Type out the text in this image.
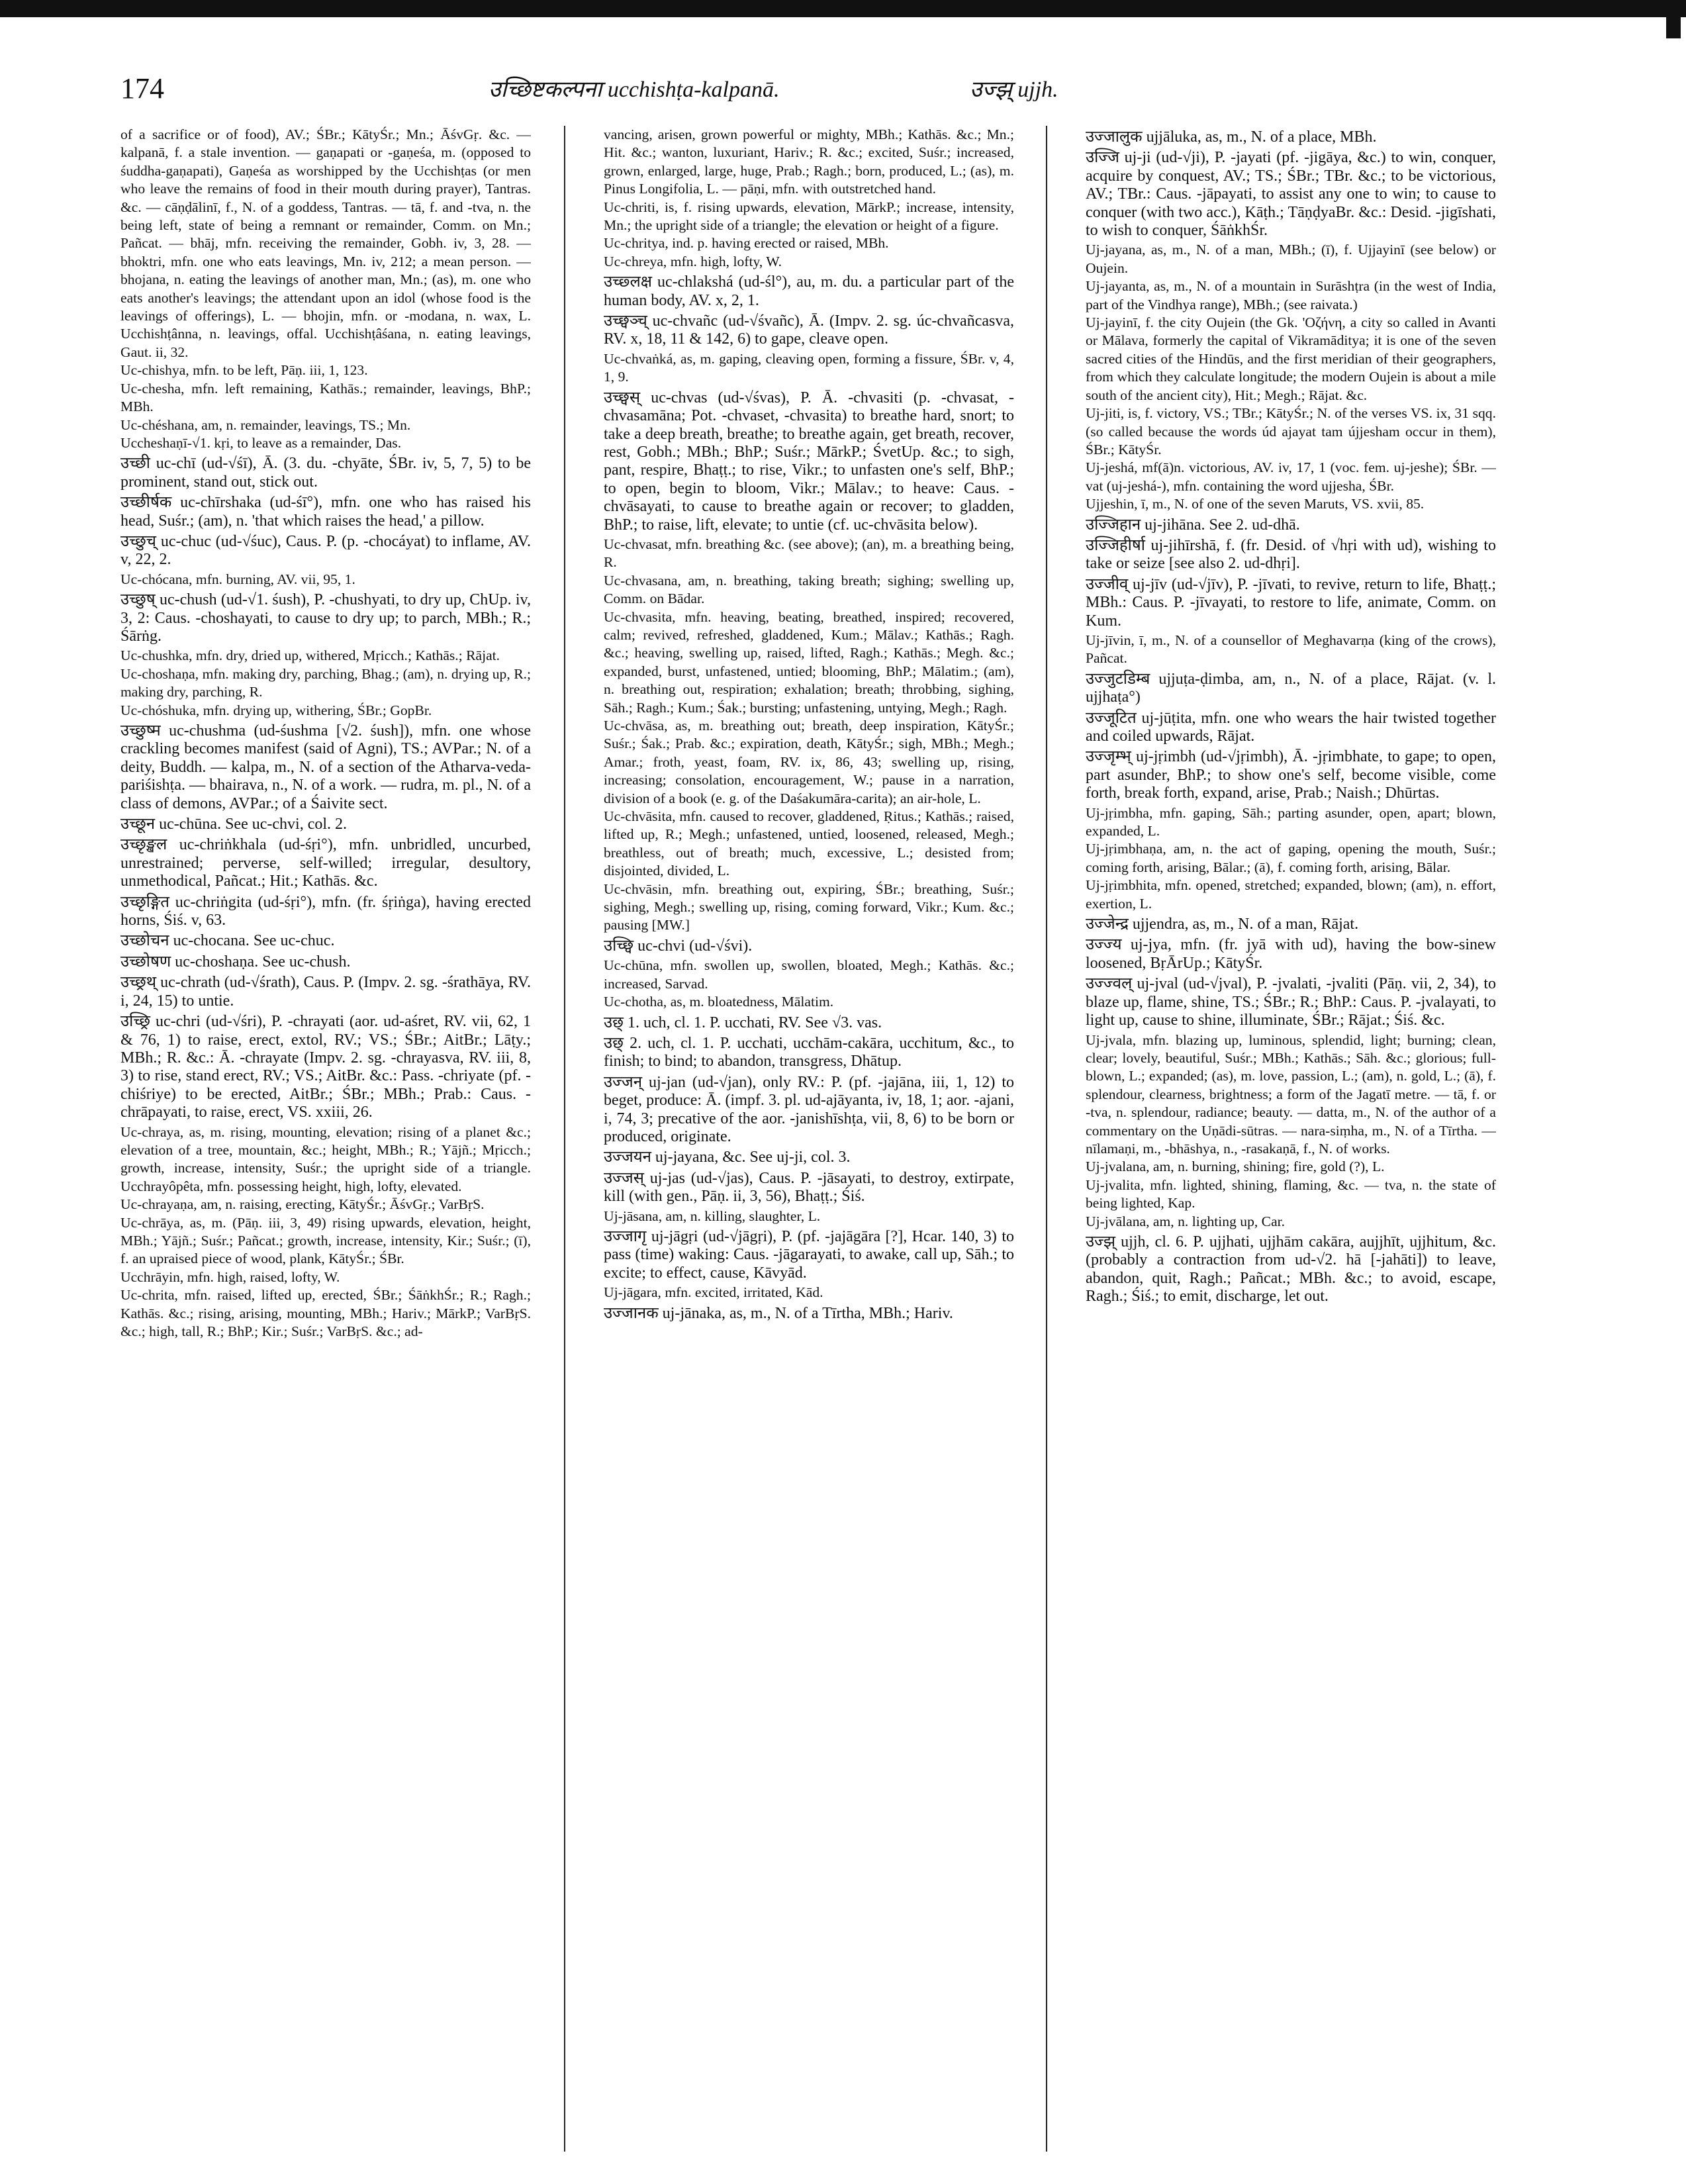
174	उच्छिष्टकल्पना ucchishṭa-kalpanā.	उज्झ् ujjh.

of a sacrifice or of food), AV.; ŚBr.; KātyŚr.; Mn.; ĀśvGṛ. &c. — kalpanā, f. a stale invention. — gaṇapati or -gaṇeśa, m. (opposed to śuddha-gaṇapati), Gaṇeśa as worshipped by the Ucchishṭas (or men who leave the remains of food in their mouth during prayer), Tantras. &c. — cāṇḍālinī, f., N. of a goddess, Tantras. — tā, f. and -tva, n. the being left, state of being a remnant or remainder, Comm. on Mn.; Pañcat. — bhāj, mfn. receiving the remainder, Gobh. iv, 3, 28. — bhoktri, mfn. one who eats leavings, Mn. iv, 212; a mean person. — bhojana, n. eating the leavings of another man, Mn.; (as), m. one who eats another's leavings; the attendant upon an idol (whose food is the leavings of offerings), L. — bhojin, mfn. or -modana, n. wax, L. Ucchishṭânna, n. leavings, offal. Ucchishṭâśana, n. eating leavings, Gaut. ii, 32.

Uc-chishya, mfn. to be left, Pāṇ. iii, 1, 123.

Uc-chesha, mfn. left remaining, Kathās.; remainder, leavings, BhP.; MBh.

Uc-chéshana, am, n. remainder, leavings, TS.; Mn.

Uccheshaṇī-√1. kṛi, to leave as a remainder, Das.

उच्छी uc-chī (ud-√śī), Ā. (3. du. -chyāte, ŚBr. iv, 5, 7, 5) to be prominent, stand out, stick out.

उच्छीर्षक uc-chīrshaka (ud-śī°), mfn. one who has raised his head, Suśr.; (am), n. 'that which raises the head,' a pillow.

उच्छुच् uc-chuc (ud-√śuc), Caus. P. (p. -chocáyat) to inflame, AV. v, 22, 2.

Uc-chócana, mfn. burning, AV. vii, 95, 1.

उच्छुष् uc-chush (ud-√1. śush), P. -chushyati, to dry up, ChUp. iv, 3, 2: Caus. -choshayati, to cause to dry up; to parch, MBh.; R.; Śārṅg.

Uc-chushka, mfn. dry, dried up, withered, Mṛicch.; Kathās.; Rājat.

Uc-choshaṇa, mfn. making dry, parching, Bhag.; (am), n. drying up, R.; making dry, parching, R.

Uc-chóshuka, mfn. drying up, withering, ŚBr.; GopBr.

उच्छुष्म uc-chushma (ud-śushma [√2. śush]), mfn. one whose crackling becomes manifest (said of Agni), TS.; AVPar.; N. of a deity, Buddh. — kalpa, m., N. of a section of the Atharva-veda-pariśishṭa. — bhairava, n., N. of a work. — rudra, m. pl., N. of a class of demons, AVPar.; of a Śaivite sect.

उच्छून uc-chūna. See uc-chvi, col. 2.

उच्छृङ्खल uc-chriṅkhala (ud-śṛi°), mfn. unbridled, uncurbed, unrestrained; perverse, self-willed; irregular, desultory, unmethodical, Pañcat.; Hit.; Kathās. &c.

उच्छृङ्गित uc-chriṅgita (ud-śṛi°), mfn. (fr. śṛiṅga), having erected horns, Śiś. v, 63.

उच्छोचन uc-chocana. See uc-chuc.

उच्छोषण uc-choshaṇa. See uc-chush.

उच्छ्रथ् uc-chrath (ud-√śrath), Caus. P. (Impv. 2. sg. -śrathāya, RV. i, 24, 15) to untie.

उच्छ्रि uc-chri (ud-√śri), P. -chrayati (aor. ud-aśret, RV. vii, 62, 1 & 76, 1) to raise, erect, extol, RV.; VS.; ŚBr.; AitBr.; Lāṭy.; MBh.; R. &c.: Ā. -chrayate (Impv. 2. sg. -chrayasva, RV. iii, 8, 3) to rise, stand erect, RV.; VS.; AitBr. &c.: Pass. -chriyate (pf. -chiśriye) to be erected, AitBr.; ŚBr.; MBh.; Prab.: Caus. -chrāpayati, to raise, erect, VS. xxiii, 26.

Uc-chraya, as, m. rising, mounting, elevation; rising of a planet &c.; elevation of a tree, mountain, &c.; height, MBh.; R.; Yājñ.; Mṛicch.; growth, increase, intensity, Suśr.; the upright side of a triangle. Ucchrayôpêta, mfn. possessing height, high, lofty, elevated.

Uc-chrayaṇa, am, n. raising, erecting, KātyŚr.; ĀśvGṛ.; VarBṛS.

Uc-chrāya, as, m. (Pāṇ. iii, 3, 49) rising upwards, elevation, height, MBh.; Yājñ.; Suśr.; Pañcat.; growth, increase, intensity, Kir.; Suśr.; (ī), f. an upraised piece of wood, plank, KātyŚr.; ŚBr.

Ucchrāyin, mfn. high, raised, lofty, W.

Uc-chrita, mfn. raised, lifted up, erected, ŚBr.; ŚāṅkhŚr.; R.; Ragh.; Kathās. &c.; rising, arising, mounting, MBh.; Hariv.; MārkP.; VarBṛS. &c.; high, tall, R.; BhP.; Kir.; Suśr.; VarBṛS. &c.; ad-

vancing, arisen, grown powerful or mighty, MBh.; Kathās. &c.; Mn.; Hit. &c.; wanton, luxuriant, Hariv.; R. &c.; excited, Suśr.; increased, grown, enlarged, large, huge, Prab.; Ragh.; born, produced, L.; (as), m. Pinus Longifolia, L. — pāṇi, mfn. with outstretched hand.

Uc-chriti, is, f. rising upwards, elevation, MārkP.; increase, intensity, Mn.; the upright side of a triangle; the elevation or height of a figure.

Uc-chritya, ind. p. having erected or raised, MBh.

Uc-chreya, mfn. high, lofty, W.

उच्छ्लक्ष uc-chlakshá (ud-śl°), au, m. du. a particular part of the human body, AV. x, 2, 1.

उच्छ्वञ्च् uc-chvañc (ud-√śvañc), Ā. (Impv. 2. sg. úc-chvañcasva, RV. x, 18, 11 & 142, 6) to gape, cleave open.

Uc-chvaṅká, as, m. gaping, cleaving open, forming a fissure, ŚBr. v, 4, 1, 9.

उच्छ्वस् uc-chvas (ud-√śvas), P. Ā. -chvasiti (p. -chvasat, -chvasamāna; Pot. -chvaset, -chvasita) to breathe hard, snort; to take a deep breath, breathe; to breathe again, get breath, recover, rest, Gobh.; MBh.; BhP.; Suśr.; MārkP.; ŚvetUp. &c.; to sigh, pant, respire, Bhaṭṭ.; to rise, Vikr.; to unfasten one's self, BhP.; to open, begin to bloom, Vikr.; Mālav.; to heave: Caus. -chvāsayati, to cause to breathe again or recover; to gladden, BhP.; to raise, lift, elevate; to untie (cf. uc-chvāsita below).

Uc-chvasat, mfn. breathing &c. (see above); (an), m. a breathing being, R.

Uc-chvasana, am, n. breathing, taking breath; sighing; swelling up, Comm. on Bādar.

Uc-chvasita, mfn. heaving, beating, breathed, inspired; recovered, calm; revived, refreshed, gladdened, Kum.; Mālav.; Kathās.; Ragh. &c.; heaving, swelling up, raised, lifted, Ragh.; Kathās.; Megh. &c.; expanded, burst, unfastened, untied; blooming, BhP.; Mālatim.; (am), n. breathing out, respiration; exhalation; breath; throbbing, sighing, Sāh.; Ragh.; Kum.; Śak.; bursting; unfastening, untying, Megh.; Ragh.

Uc-chvāsa, as, m. breathing out; breath, deep inspiration, KātyŚr.; Suśr.; Śak.; Prab. &c.; expiration, death, KātyŚr.; sigh, MBh.; Megh.; Amar.; froth, yeast, foam, RV. ix, 86, 43; swelling up, rising, increasing; consolation, encouragement, W.; pause in a narration, division of a book (e. g. of the Daśakumāra-carita); an air-hole, L.

Uc-chvāsita, mfn. caused to recover, gladdened, Ṛitus.; Kathās.; raised, lifted up, R.; Megh.; unfastened, untied, loosened, released, Megh.; breathless, out of breath; much, excessive, L.; desisted from; disjointed, divided, L.

Uc-chvāsin, mfn. breathing out, expiring, ŚBr.; breathing, Suśr.; sighing, Megh.; swelling up, rising, coming forward, Vikr.; Kum. &c.; pausing [MW.]

उच्छ्वि uc-chvi (ud-√śvi).

Uc-chūna, mfn. swollen up, swollen, bloated, Megh.; Kathās. &c.; increased, Sarvad.

Uc-chotha, as, m. bloatedness, Mālatim.

उछ् 1. uch, cl. 1. P. ucchati, RV. See √3. vas.

उछ् 2. uch, cl. 1. P. ucchati, ucchām-cakāra, ucchitum, &c., to finish; to bind; to abandon, transgress, Dhātup.

उज्जन् uj-jan (ud-√jan), only RV.: P. (pf. -jajāna, iii, 1, 12) to beget, produce: Ā. (impf. 3. pl. ud-ajāyanta, iv, 18, 1; aor. -ajani, i, 74, 3; precative of the aor. -janishīshṭa, vii, 8, 6) to be born or produced, originate.

उज्जयन uj-jayana, &c. See uj-ji, col. 3.

उज्जस् uj-jas (ud-√jas), Caus. P. -jāsayati, to destroy, extirpate, kill (with gen., Pāṇ. ii, 3, 56), Bhaṭṭ.; Śiś.

Uj-jāsana, am, n. killing, slaughter, L.

उज्जागृ uj-jāgṛi (ud-√jāgṛi), P. (pf. -jajāgāra [?], Hcar. 140, 3) to pass (time) waking: Caus. -jāgarayati, to awake, call up, Sāh.; to excite; to effect, cause, Kāvyād.

Uj-jāgara, mfn. excited, irritated, Kād.

उज्जानक uj-jānaka, as, m., N. of a Tīrtha, MBh.; Hariv.

उज्जालुक ujjāluka, as, m., N. of a place, MBh.

उज्जि uj-ji (ud-√ji), P. -jayati (pf. -jigāya, &c.) to win, conquer, acquire by conquest, AV.; TS.; ŚBr.; TBr. &c.; to be victorious, AV.; TBr.: Caus. -jāpayati, to assist any one to win; to cause to conquer (with two acc.), Kāṭh.; TāṇḍyaBr. &c.: Desid. -jigīshati, to wish to conquer, ŚāṅkhŚr.

Uj-jayana, as, m., N. of a man, MBh.; (ī), f. Ujjayinī (see below) or Oujein.

Uj-jayanta, as, m., N. of a mountain in Surāshṭra (in the west of India, part of the Vindhya range), MBh.; (see raivata.)

Uj-jayinī, f. the city Oujein (the Gk. 'Οζήνη, a city so called in Avanti or Mālava, formerly the capital of Vikramāditya; it is one of the seven sacred cities of the Hindūs, and the first meridian of their geographers, from which they calculate longitude; the modern Oujein is about a mile south of the ancient city), Hit.; Megh.; Rājat. &c.

Uj-jiti, is, f. victory, VS.; TBr.; KātyŚr.; N. of the verses VS. ix, 31 sqq. (so called because the words úd ajayat tam újjesham occur in them), ŚBr.; KātyŚr.

Uj-jeshá, mf(ā)n. victorious, AV. iv, 17, 1 (voc. fem. uj-jeshe); ŚBr. — vat (uj-jeshá-), mfn. containing the word ujjesha, ŚBr.

Ujjeshin, ī, m., N. of one of the seven Maruts, VS. xvii, 85.

उज्जिहान uj-jihāna. See 2. ud-dhā.

उज्जिहीर्षा uj-jihīrshā, f. (fr. Desid. of √hṛi with ud), wishing to take or seize [see also 2. ud-dhṛi].

उज्जीव् uj-jīv (ud-√jīv), P. -jīvati, to revive, return to life, Bhaṭṭ.; MBh.: Caus. P. -jīvayati, to restore to life, animate, Comm. on Kum.

Uj-jīvin, ī, m., N. of a counsellor of Meghavarṇa (king of the crows), Pañcat.

उज्जुटडिम्ब ujjuṭa-ḍimba, am, n., N. of a place, Rājat. (v. l. ujjhaṭa°)

उज्जूटित uj-jūṭita, mfn. one who wears the hair twisted together and coiled upwards, Rājat.

उज्जृम्भ् uj-jṛimbh (ud-√jṛimbh), Ā. -jṛimbhate, to gape; to open, part asunder, BhP.; to show one's self, become visible, come forth, break forth, expand, arise, Prab.; Naish.; Dhūrtas.

Uj-jṛimbha, mfn. gaping, Sāh.; parting asunder, open, apart; blown, expanded, L.

Uj-jṛimbhaṇa, am, n. the act of gaping, opening the mouth, Suśr.; coming forth, arising, Bālar.; (ā), f. coming forth, arising, Bālar.

Uj-jṛimbhita, mfn. opened, stretched; expanded, blown; (am), n. effort, exertion, L.

उज्जेन्द्र ujjendra, as, m., N. of a man, Rājat.

उज्ज्य uj-jya, mfn. (fr. jyā with ud), having the bow-sinew loosened, BṛĀrUp.; KātyŚr.

उज्ज्वल् uj-jval (ud-√jval), P. -jvalati, -jvaliti (Pāṇ. vii, 2, 34), to blaze up, flame, shine, TS.; ŚBr.; R.; BhP.: Caus. P. -jvalayati, to light up, cause to shine, illuminate, ŚBr.; Rājat.; Śiś. &c.

Uj-jvala, mfn. blazing up, luminous, splendid, light; burning; clean, clear; lovely, beautiful, Suśr.; MBh.; Kathās.; Sāh. &c.; glorious; full-blown, L.; expanded; (as), m. love, passion, L.; (am), n. gold, L.; (ā), f. splendour, clearness, brightness; a form of the Jagatī metre. — tā, f. or -tva, n. splendour, radiance; beauty. — datta, m., N. of the author of a commentary on the Uṇādi-sūtras. — nara-siṃha, m., N. of a Tīrtha. — nīlamaṇi, m., -bhāshya, n., -rasakaṇā, f., N. of works.

Uj-jvalana, am, n. burning, shining; fire, gold (?), L.

Uj-jvalita, mfn. lighted, shining, flaming, &c. — tva, n. the state of being lighted, Kap.

Uj-jvālana, am, n. lighting up, Car.

उज्झ् ujjh, cl. 6. P. ujjhati, ujjhām cakāra, aujjhīt, ujjhitum, &c. (probably a contraction from ud-√2. hā [-jahāti]) to leave, abandon, quit, Ragh.; Pañcat.; MBh. &c.; to avoid, escape, Ragh.; Śiś.; to emit, discharge, let out.
